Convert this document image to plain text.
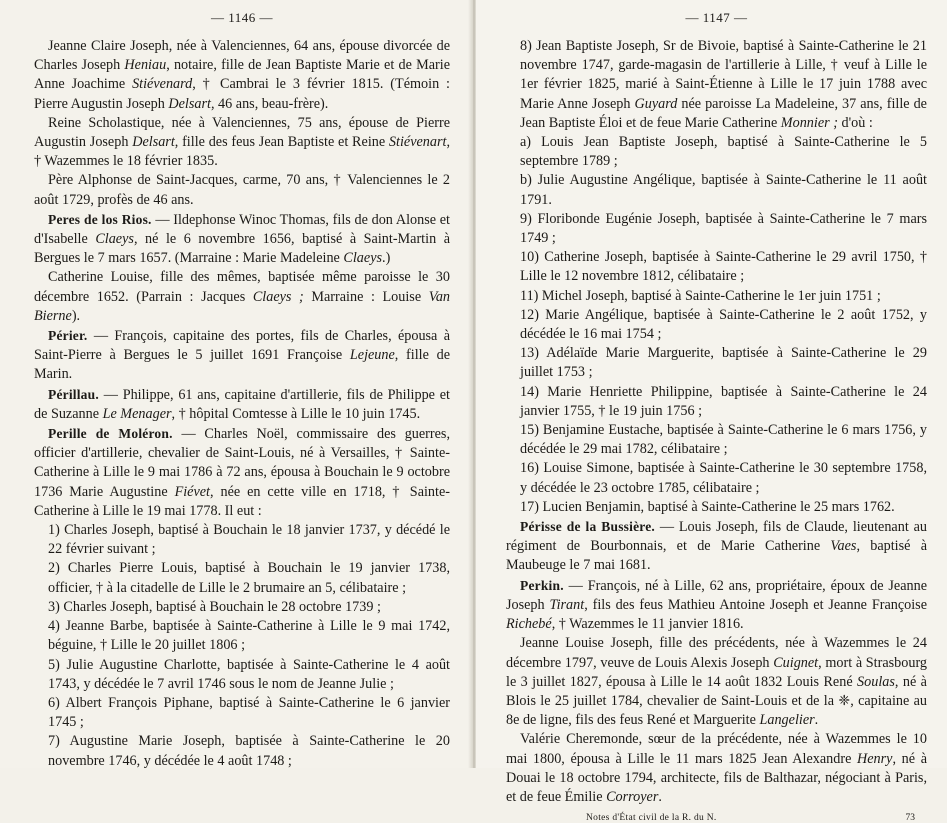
— 1146 —

Jeanne Claire Joseph, née à Valenciennes, 64 ans, épouse divorcée de Charles Joseph Heniau, notaire, fille de Jean Baptiste Marie et de Marie Anne Joachime Stiévenard, † Cambrai le 3 février 1815. (Témoin : Pierre Augustin Joseph Delsart, 46 ans, beau-frère).

Reine Scholastique, née à Valenciennes, 75 ans, épouse de Pierre Augustin Joseph Delsart, fille des feus Jean Baptiste et Reine Stiévenart, † Wazemmes le 18 février 1835.

Père Alphonse de Saint-Jacques, carme, 70 ans, † Valenciennes le 2 août 1729, profès de 46 ans.

Peres de los Rios. — Ildephonse Winoc Thomas, fils de don Alonse et d'Isabelle Claeys, né le 6 novembre 1656, baptisé à Saint-Martin à Bergues le 7 mars 1657. (Marraine : Marie Madeleine Claeys.)

Catherine Louise, fille des mêmes, baptisée même paroisse le 30 décembre 1652. (Parrain : Jacques Claeys ; Marraine : Louise Van Bierne).

Périer. — François, capitaine des portes, fils de Charles, épousa à Saint-Pierre à Bergues le 5 juillet 1691 Françoise Lejeune, fille de Marin.

Périllau. — Philippe, 61 ans, capitaine d'artillerie, fils de Philippe et de Suzanne Le Menager, † hôpital Comtesse à Lille le 10 juin 1745.

Perille de Moléron. — Charles Noël, commissaire des guerres, officier d'artillerie, chevalier de Saint-Louis, né à Versailles, † Sainte-Catherine à Lille le 9 mai 1786 à 72 ans, épousa à Bouchain le 9 octobre 1736 Marie Augustine Fiévet, née en cette ville en 1718, † Sainte-Catherine à Lille le 19 mai 1778. Il eut :

1) Charles Joseph, baptisé à Bouchain le 18 janvier 1737, y décédé le 22 février suivant ;

2) Charles Pierre Louis, baptisé à Bouchain le 19 janvier 1738, officier, † à la citadelle de Lille le 2 brumaire an 5, célibataire ;

3) Charles Joseph, baptisé à Bouchain le 28 octobre 1739 ;

4) Jeanne Barbe, baptisée à Sainte-Catherine à Lille le 9 mai 1742, béguine, † Lille le 20 juillet 1806 ;

5) Julie Augustine Charlotte, baptisée à Sainte-Catherine le 4 août 1743, y décédée le 7 avril 1746 sous le nom de Jeanne Julie ;

6) Albert François Piphane, baptisé à Sainte-Catherine le 6 janvier 1745 ;

7) Augustine Marie Joseph, baptisée à Sainte-Catherine le 20 novembre 1746, y décédée le 4 août 1748 ;

— 1147 —

8) Jean Baptiste Joseph, Sr de Bivoie, baptisé à Sainte-Catherine le 21 novembre 1747, garde-magasin de l'artillerie à Lille, † veuf à Lille le 1er février 1825, marié à Saint-Étienne à Lille le 17 juin 1788 avec Marie Anne Joseph Guyard née paroisse La Madeleine, 37 ans, fille de Jean Baptiste Éloi et de feue Marie Catherine Monnier ; d'où :

a) Louis Jean Baptiste Joseph, baptisé à Sainte-Catherine le 5 septembre 1789 ;

b) Julie Augustine Angélique, baptisée à Sainte-Catherine le 11 août 1791.

9) Floribonde Eugénie Joseph, baptisée à Sainte-Catherine le 7 mars 1749 ;

10) Catherine Joseph, baptisée à Sainte-Catherine le 29 avril 1750, † Lille le 12 novembre 1812, célibataire ;

11) Michel Joseph, baptisé à Sainte-Catherine le 1er juin 1751 ;

12) Marie Angélique, baptisée à Sainte-Catherine le 2 août 1752, y décédée le 16 mai 1754 ;

13) Adélaïde Marie Marguerite, baptisée à Sainte-Catherine le 29 juillet 1753 ;

14) Marie Henriette Philippine, baptisée à Sainte-Catherine le 24 janvier 1755, † le 19 juin 1756 ;

15) Benjamine Eustache, baptisée à Sainte-Catherine le 6 mars 1756, y décédée le 29 mai 1782, célibataire ;

16) Louise Simone, baptisée à Sainte-Catherine le 30 septembre 1758, y décédée le 23 octobre 1785, célibataire ;

17) Lucien Benjamin, baptisé à Sainte-Catherine le 25 mars 1762.

Périsse de la Bussière. — Louis Joseph, fils de Claude, lieutenant au régiment de Bourbonnais, et de Marie Catherine Vaes, baptisé à Maubeuge le 7 mai 1681.

Perkin. — François, né à Lille, 62 ans, propriétaire, époux de Jeanne Joseph Tirant, fils des feus Mathieu Antoine Joseph et Jeanne Françoise Richebé, † Wazemmes le 11 janvier 1816.

Jeanne Louise Joseph, fille des précédents, née à Wazemmes le 24 décembre 1797, veuve de Louis Alexis Joseph Cuignet, mort à Strasbourg le 3 juillet 1827, épousa à Lille le 14 août 1832 Louis René Soulas, né à Blois le 25 juillet 1784, chevalier de Saint-Louis et de la ❈, capitaine au 8e de ligne, fils des feus René et Marguerite Langelier.

Valérie Cheremonde, sœur de la précédente, née à Wazemmes le 10 mai 1800, épousa à Lille le 11 mars 1825 Jean Alexandre Henry, né à Douai le 18 octobre 1794, architecte, fils de Balthazar, négociant à Paris, et de feue Émilie Corroyer.

Notes d'État civil de la R. du N.	73
